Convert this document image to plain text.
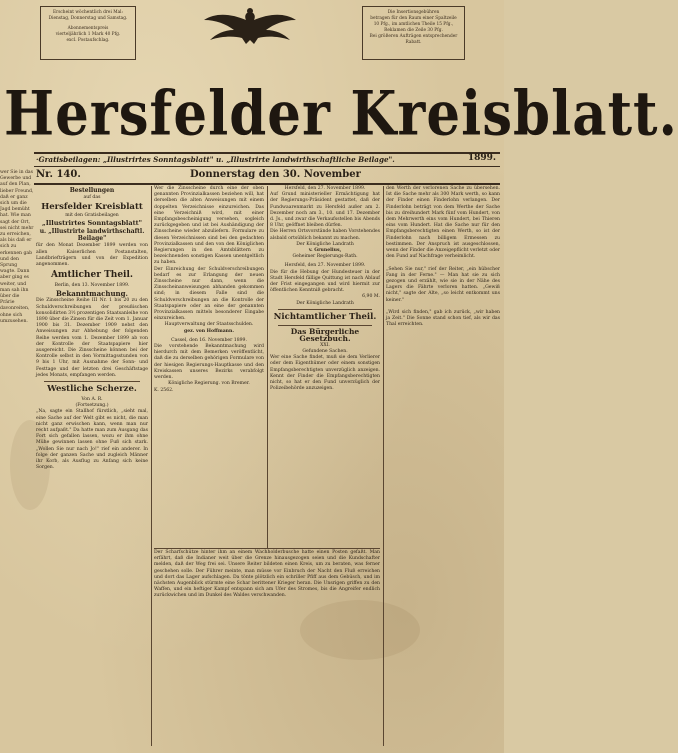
Erscheint wöchentlich drei Mal:
Dienstag, Donnerstag und Samstag.
Abonnementspreis
vierteljährlich 1 Mark 40 Pfg.
excl. Postaufschlag.
Die Insertionsgebühren
betragen für den Raum einer Spaltzeile
10 Pfg., im amtlichen Theile 15 Pfg.,
Reklamen die Zeile 30 Pfg.
Bei größeren Aufträgen entsprechender
Rabatt.
Hersfelder Kreisblatt.
·Gratisbeilagen: „Illustrirtes Sonntagsblatt" u. „Illustrirte landwirthschaftliche Beilage".	1899.
Nr. 140.	Donnerstag den 30. November
wer Sie in das Gewerbe und auf den Plan, lieber Freund, daß er ganz sich um die Jagd bemüht hat. Wie man sagt der Ort, sei nicht mehr zu erreichen, als bis daß er sich zu erkennen gab und den Sprung wagte. Dann aber ging es weiter, und man sah ihn über die Prärie davonreiten, ohne sich umzusehen.
Bestellungen
auf das
Hersfelder Kreisblatt
mit den Gratisbeilagen
„Illustrirtes Sonntagsblatt"
u. „Illustrirte landwirthschaftl. Beilage"
für den Monat Dezember 1899 werden von allen Kaiserlichen Postanstalten, Landbriefträgern und von der Expedition angenommen.
Amtlicher Theil.
Berlin, den 13. November 1899.
Bekanntmachung.
Die Zinsscheine Reihe III Nr. 1 bis 20 zu den Schuldverschreibungen der preußischen konsolidirten 3½ prozentigen Staatsanleihe von 1890 über die Zinsen für die Zeit vom 1. Januar 1900 bis 31. Dezember 1909 nebst den Anweisungen zur Abhebung der folgenden Reihe werden vom 1. Dezember 1899 ab von der Kontrolle der Staatspapiere hier ausgereicht. Die Zinsscheine können bei der Kontrolle selbst in den Vormittagsstunden von 9 bis 1 Uhr, mit Ausnahme der Sonn- und Festtage und der letzten drei Geschäftstage jedes Monats, empfangen werden.
Westliche Scherze.
Von A. R.
(Fortsetzung.)
„Na, sagte ein Stallhof fürstlich, „sieht mal, eine Sache auf der Welt gibt es nicht, die man nicht ganz erwischen kann, wenn man nur recht aufpaßt." Da hatte man zum Ausgang das Fort sich gefallen lassen, wozu er ihm ohne Mühe gewinnen lassen ohne Fuß sich stark. „Wollen Sie nur nach Jo!" rief ein anderer. In folge der ganzen Sache und zugleich Männer ihr Korb, als Ausflug zu Anfang sich keine Sorgen.
Wer die Zinsscheine durch eine der oben genannten Provinzialkassen beziehen will, hat derselben die alten Anweisungen mit einem doppelten Verzeichnisse einzureichen. Das eine Verzeichniß wird, mit einer Empfangsbescheinigung versehen, sogleich zurückgegeben und ist bei Aushändigung der Zinsscheine wieder abzuliefern. Formulare zu diesen Verzeichnissen sind bei den gedachten Provinzialkassen und den von den Königlichen Regierungen in den Amtsblättern zu bezeichnenden sonstigen Kassen unentgeltlich zu haben.
Der Einreichung der Schuldverschreibungen bedarf es zur Erlangung der neuen Zinsscheine nur dann, wenn die Zinsscheinanweisungen abhanden gekommen sind; in diesem Falle sind die Schuldverschreibungen an die Kontrolle der Staatspapiere oder an eine der genannten Provinzialkassen mittels besonderer Eingabe einzureichen.
Hauptverwaltung der Staatsschulden.
gez. von Hoffmann.
Cassel, den 16. November 1899.
Die vorstehende Bekanntmachung wird hierdurch mit dem Bemerken veröffentlicht, daß die zu derselben gehörigen Formulare von der hiesigen Regierungs-Hauptkasse und den Kreiskassen unseres Bezirks verabfolgt werden.
Königliche Regierung. von Bremer.
K. 2562.
Hersfeld, den 27. November 1899.
Auf Grund ministerieller Ermächtigung hat der Regierungs-Präsident gestattet, daß der Fundwaarenmarkt zu Hersfeld außer am 2. Dezember noch am 3., 10. und 17. Dezember d. Js., und zwar die Verkaufsstellen bis Abends 8 Uhr, geöffnet bleiben dürfen.
Die Herren Ortsvorstände haben Vorstehendes alsbald ortsüblich bekannt zu machen.
Der Königliche Landrath
v. Grunelius,
Geheimer Regierungs-Rath.
Hersfeld, den 27. November 1899.
Die für die Hebung der Hundesteuer in der Stadt Hersfeld fällige Quittung ist nach Ablauf der Frist eingegangen und wird hiermit zur öffentlichen Kenntniß gebracht.
6,90 M.
Der Königliche Landrath
Nichtamtlicher Theil.
Das Bürgerliche Gesetzbuch.
XXI.
Gefundene Sachen.
Wer eine Sache findet, muß sie dem Verlierer oder dem Eigenthümer oder einem sonstigen Empfangsberechtigten unverzüglich anzeigen. Kennt der Finder die Empfangsberechtigten nicht, so hat er den Fund unverzüglich der Polizeibehörde anzuzeigen.
den Werth der verlorenen Sache zu übersehen. Ist die Sache mehr als 300 Mark werth, so kann der Finder einen Finderlohn verlangen. Der Finderlohn beträgt von dem Werthe der Sache bis zu dreihundert Mark fünf vom Hundert, von dem Mehrwerth eins vom Hundert, bei Thieren eins vom Hundert. Hat die Sache nur für den Empfangsberechtigten einen Werth, so ist der Finderlohn nach billigem Ermessen zu bestimmen. Der Anspruch ist ausgeschlossen, wenn der Finder die Anzeigepflicht verletzt oder den Fund auf Nachfrage verheimlicht.

„Sehen Sie nur," rief der Reiter, „ein hübscher Fang in der Ferne." — Man hat sie zu sich gezogen und erzählt, wie sie in der Nähe des Lagers die Fährte verloren hatten. „Gewiß nicht," sagte der Alte, „so leicht entkommt uns keiner."

„Wird sich finden," gab ich zurück, „wir haben ja Zeit." Die Sonne stand schon tief, als wir das Thal erreichten.
Der Scharfschütze hinter ihm an einem Wachholderbusche hatte einen Posten gefaßt. Man erfährt, daß die Indianer weit über die Grenze hinausgezogen seien und die Kundschafter melden, daß der Weg frei sei. Unsere Reiter bildeten einen Kreis, um zu beraten, was ferner geschehen solle. Der Führer meinte, man müsse vor Einbruch der Nacht den Fluß erreichen und dort das Lager aufschlagen. Da tönte plötzlich ein schriller Pfiff aus dem Gebüsch, und im nächsten Augenblick stürmte eine Schar berittener Krieger heran. Die Unsrigen griffen zu den Waffen, und ein heftiger Kampf entspann sich am Ufer des Stromes, bis die Angreifer endlich zurückwichen und im Dunkel des Waldes verschwanden.
